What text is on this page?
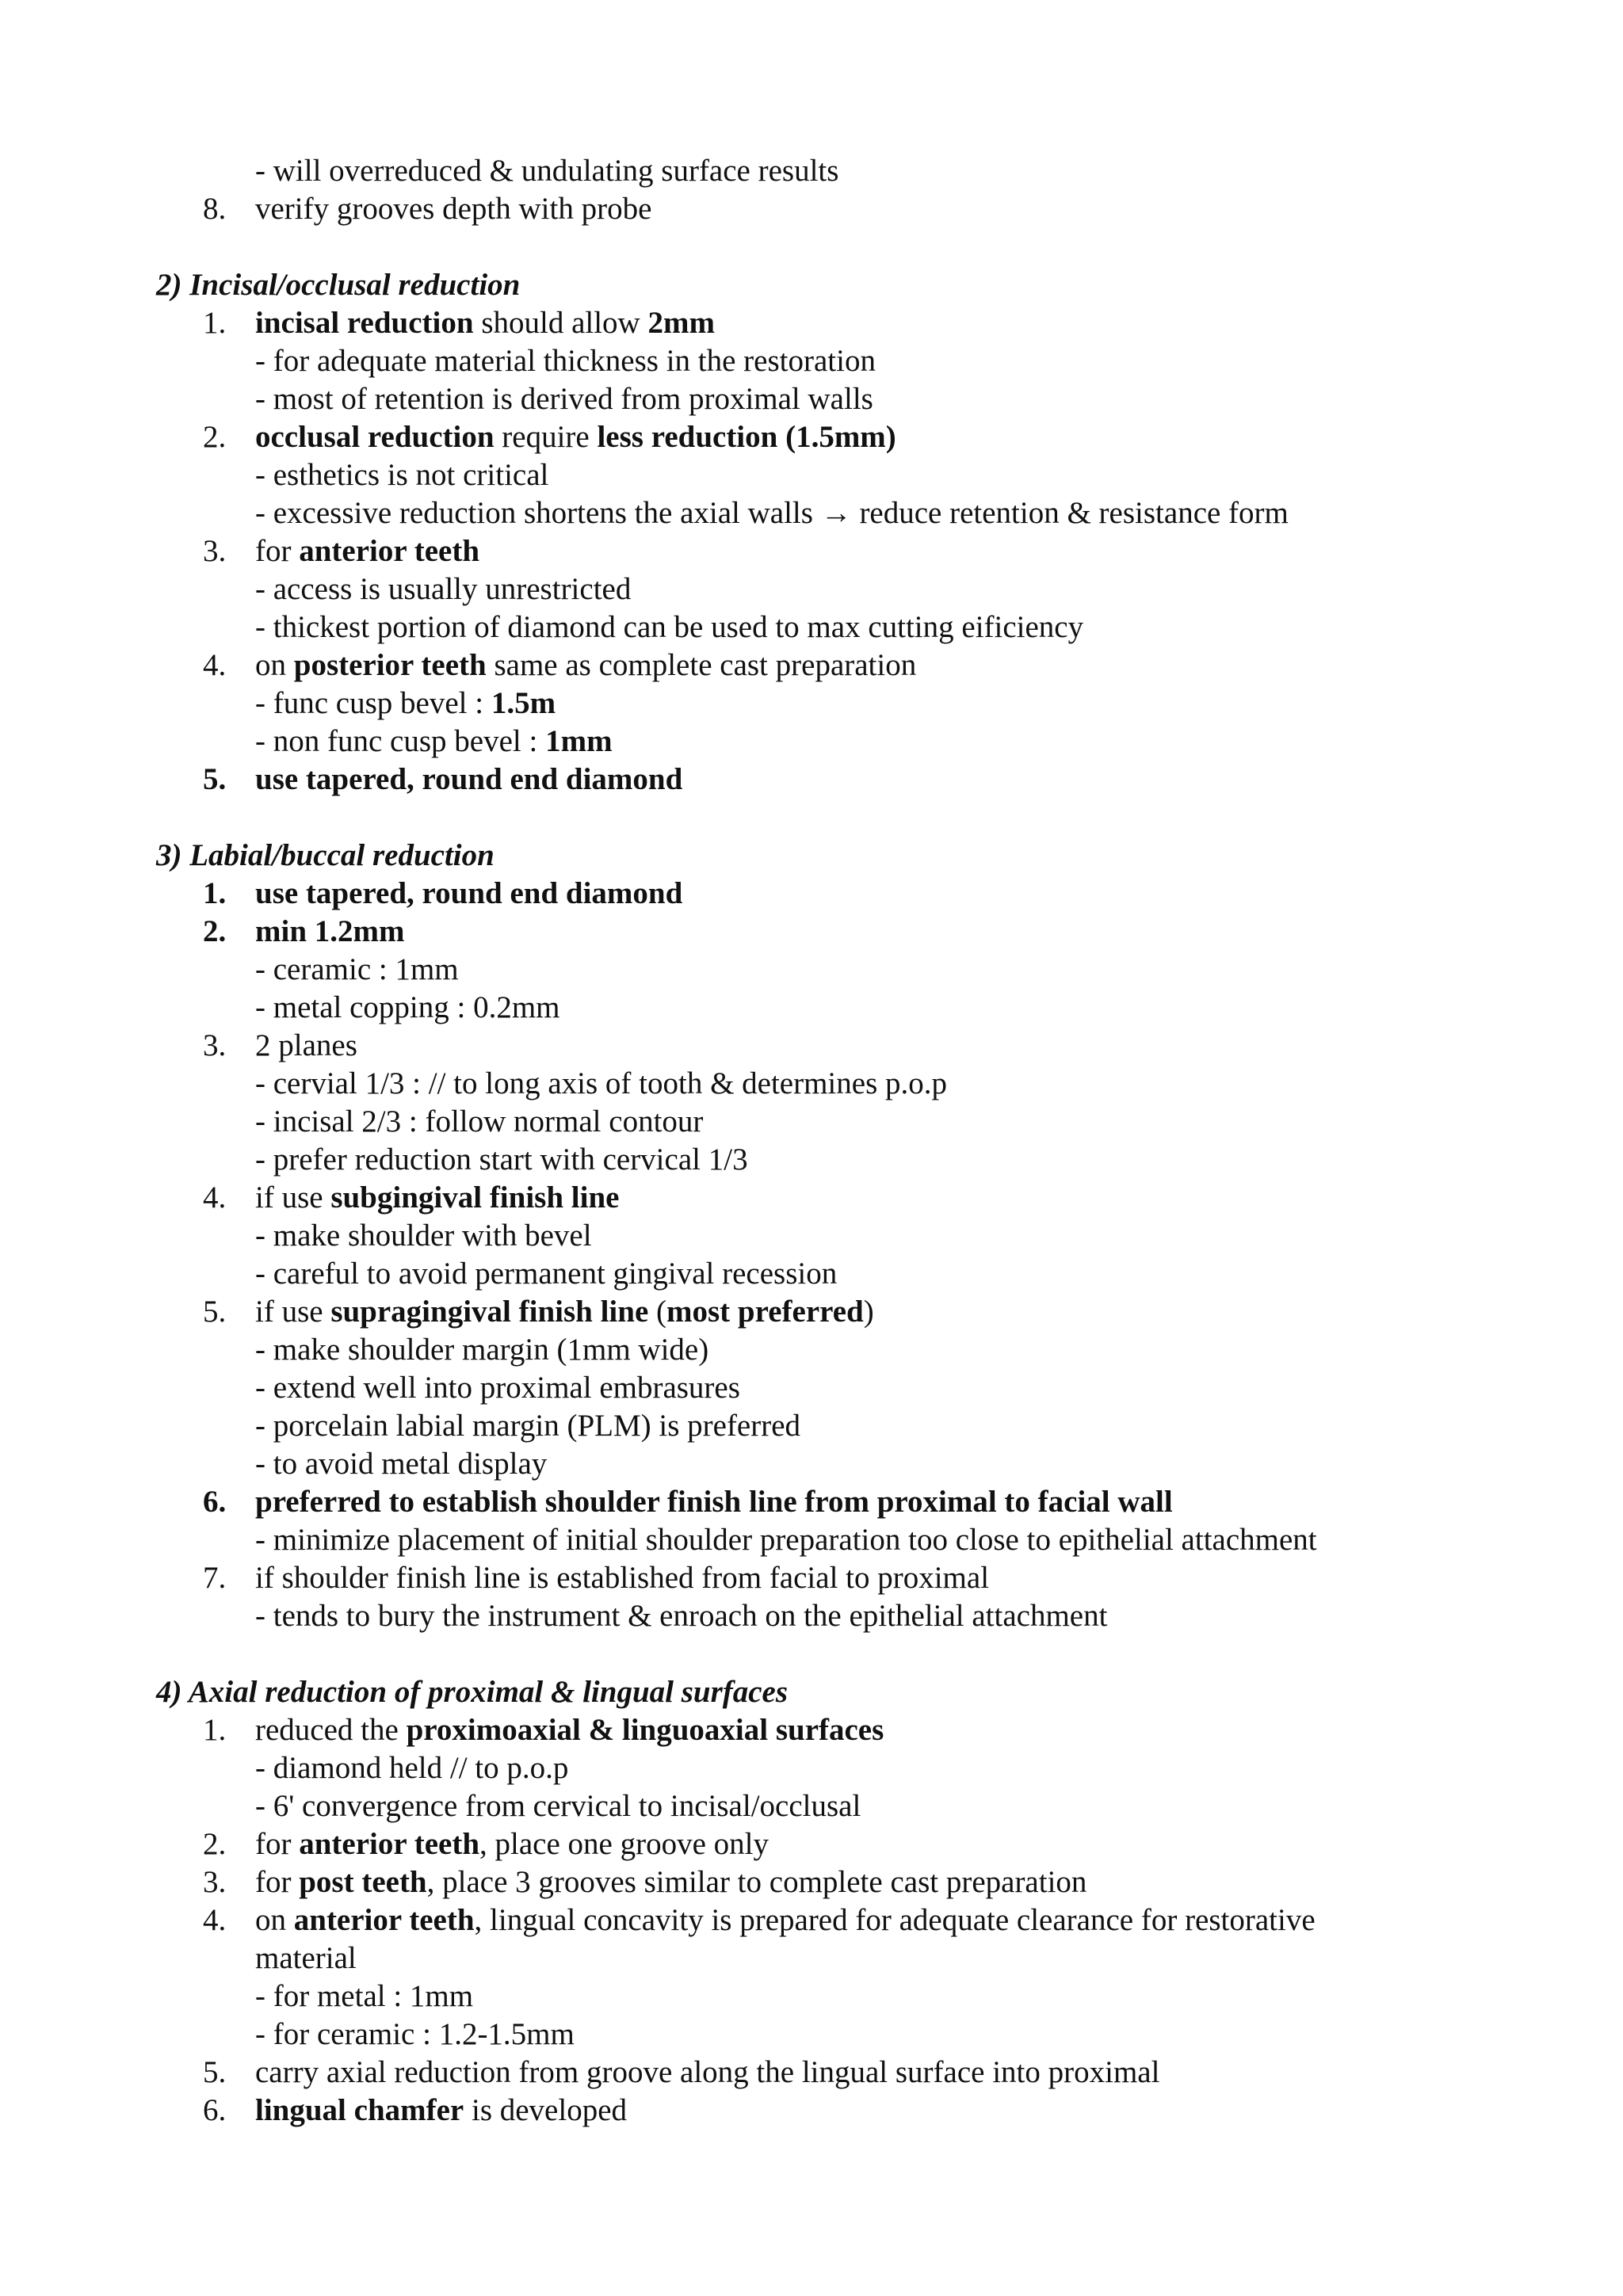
- will overreduced & undulating surface results
8. verify grooves depth with probe
2) Incisal/occlusal reduction
1. incisal reduction should allow 2mm
- for adequate material thickness in the restoration
- most of retention is derived from proximal walls
2. occlusal reduction require less reduction (1.5mm)
- esthetics is not critical
- excessive reduction shortens the axial walls → reduce retention & resistance form
3. for anterior teeth
- access is usually unrestricted
- thickest portion of diamond can be used to max cutting eificiency
4. on posterior teeth same as complete cast preparation
- func cusp bevel : 1.5m
- non func cusp bevel : 1mm
5. use tapered, round end diamond
3) Labial/buccal reduction
1. use tapered, round end diamond
2. min 1.2mm
- ceramic : 1mm
- metal copping : 0.2mm
3. 2 planes
- cervial 1/3 : // to long axis of tooth & determines p.o.p
- incisal 2/3 : follow normal contour
- prefer reduction start with cervical 1/3
4. if use subgingival finish line
- make shoulder with bevel
- careful to avoid permanent gingival recession
5. if use supragingival finish line (most preferred)
- make shoulder margin (1mm wide)
- extend well into proximal embrasures
- porcelain labial margin (PLM) is preferred
- to avoid metal display
6. preferred to establish shoulder finish line from proximal to facial wall
- minimize placement of initial shoulder preparation too close to epithelial attachment
7. if shoulder finish line is established from facial to proximal
- tends to bury the instrument & enroach on the epithelial attachment
4) Axial reduction of proximal & lingual surfaces
1. reduced the proximoaxial & linguoaxial surfaces
- diamond held // to p.o.p
- 6' convergence from cervical to incisal/occlusal
2. for anterior teeth, place one groove only
3. for post teeth, place 3 grooves similar to complete cast preparation
4. on anterior teeth, lingual concavity is prepared for adequate clearance for restorative
material
- for metal : 1mm
- for ceramic : 1.2-1.5mm
5. carry axial reduction from groove along the lingual surface into proximal
6. lingual chamfer is developed
